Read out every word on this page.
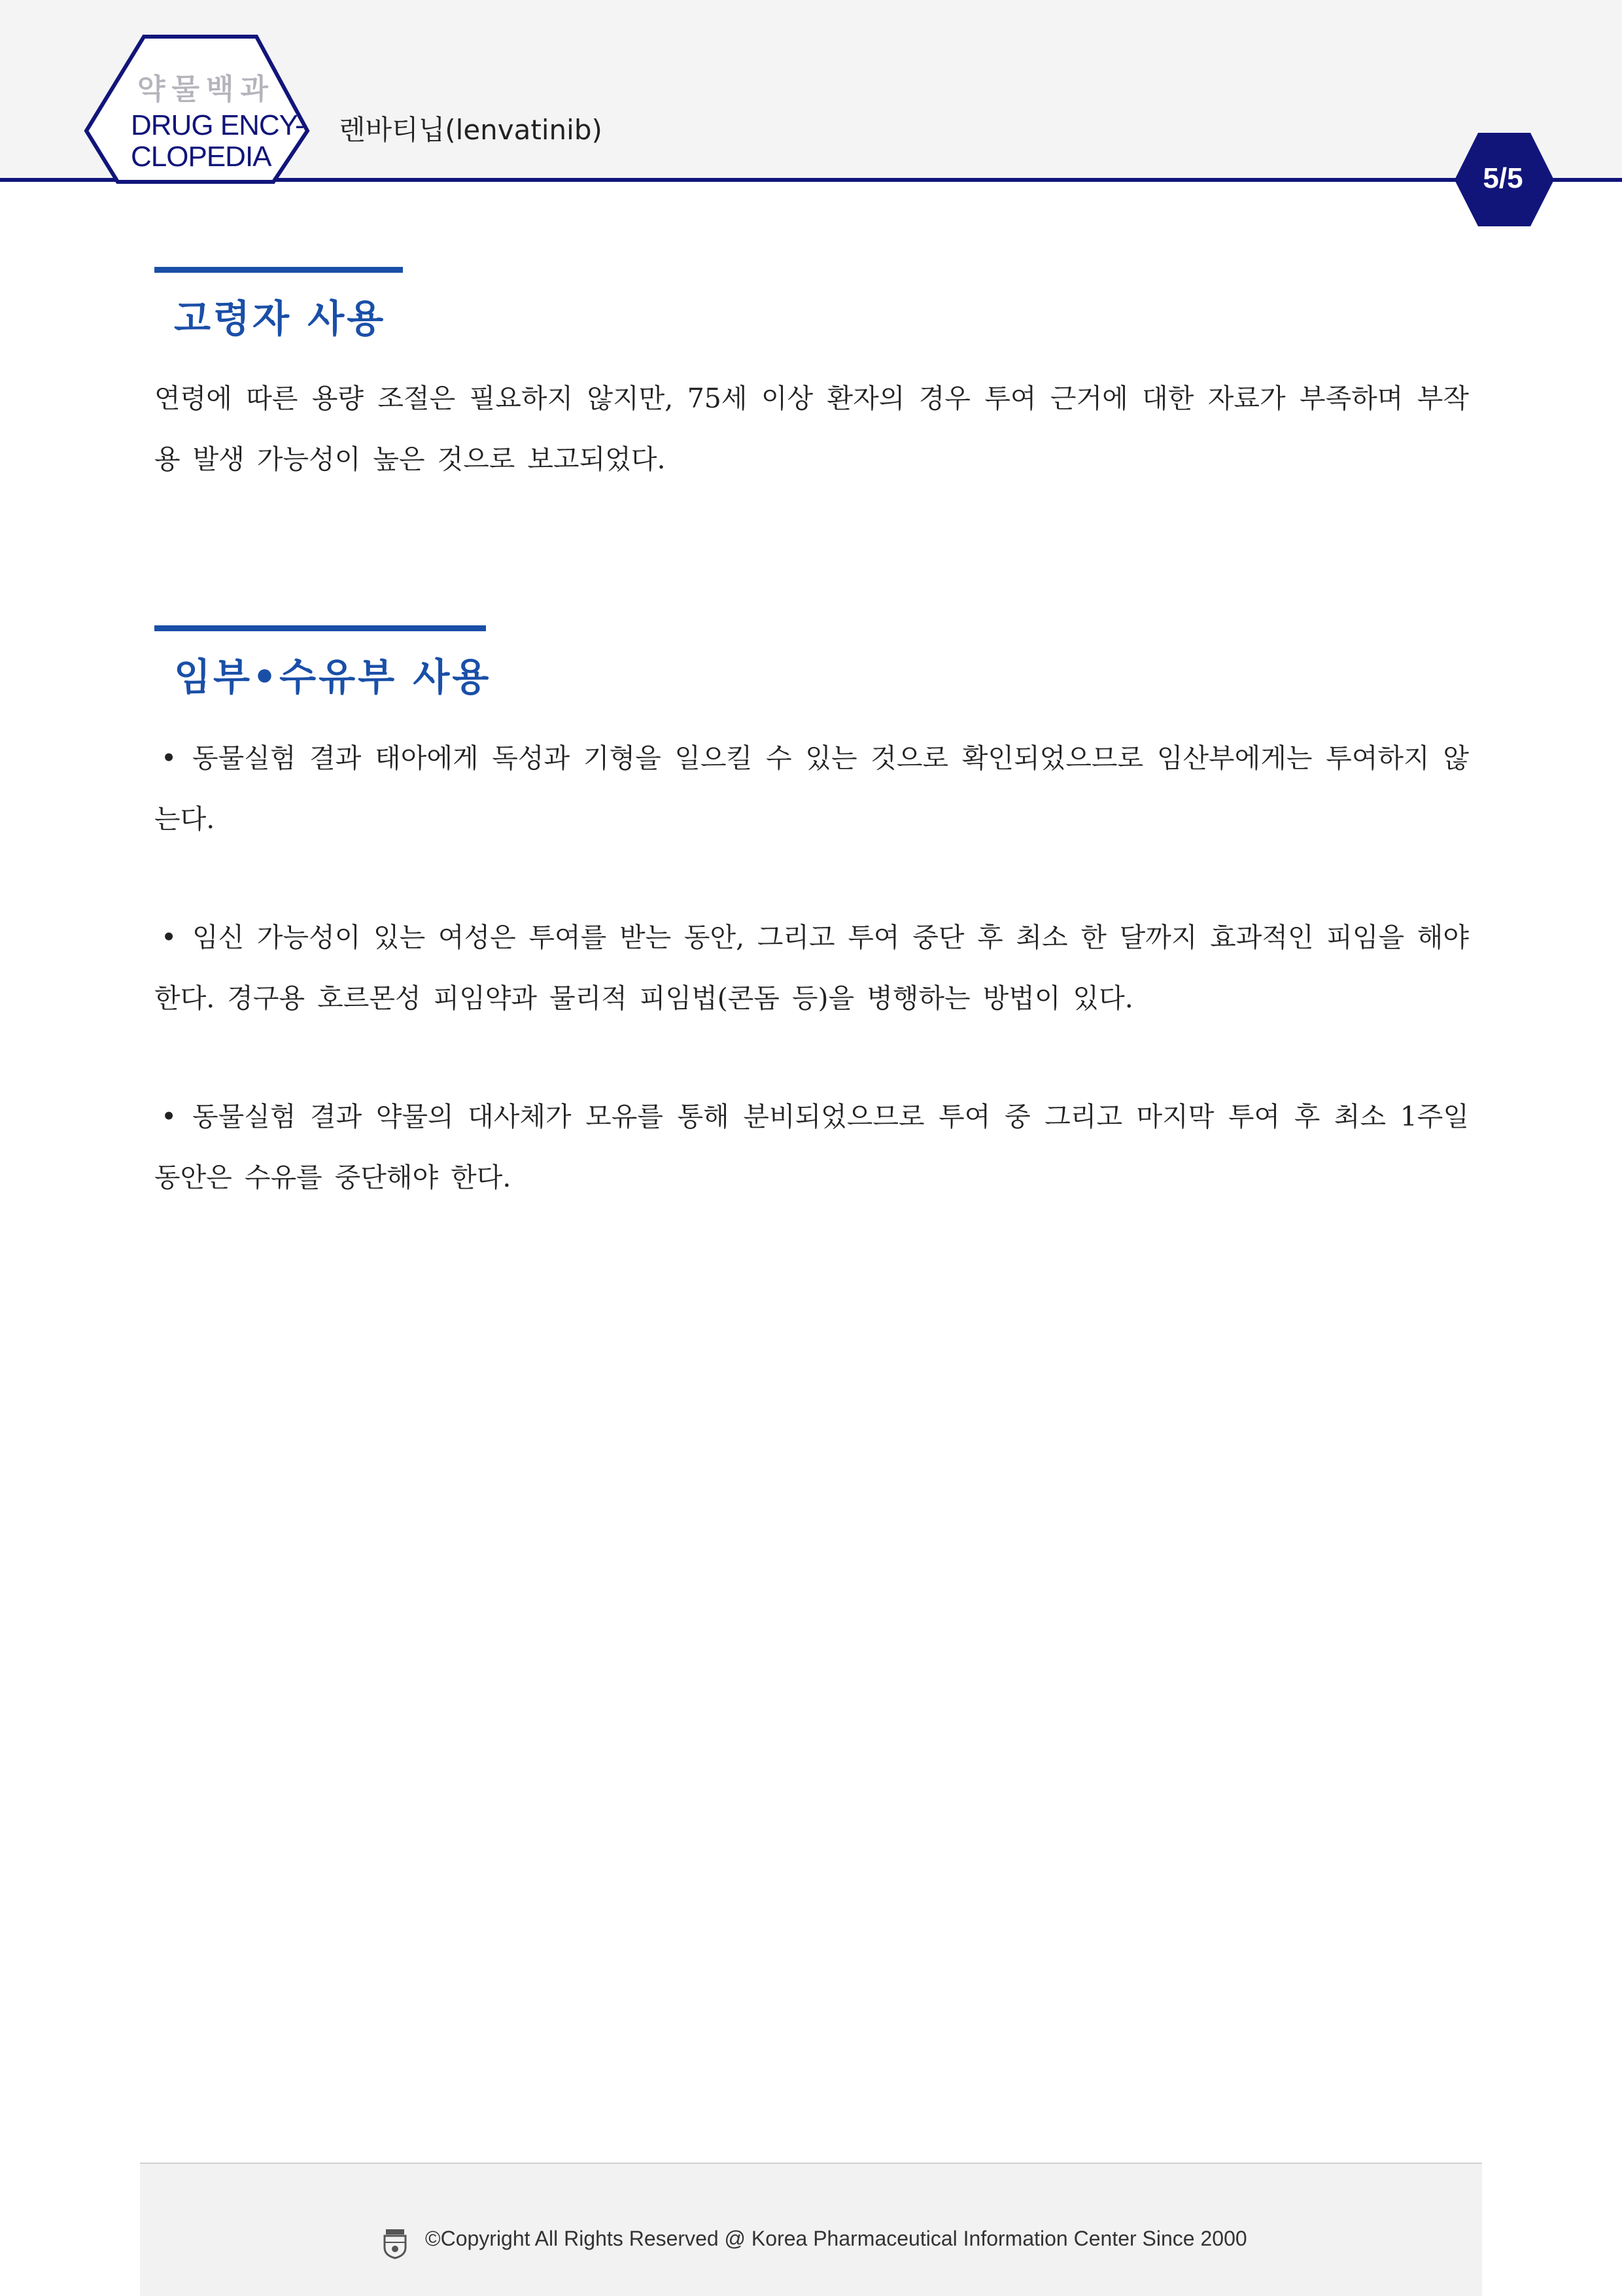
약물백과
DRUG ENCY-
CLOPEDIA
렌바티닙(lenvatinib)
5/5
고령자 사용
연령에 따른 용량 조절은 필요하지 않지만, 75세 이상 환자의 경우 투여 근거에 대한 자료가 부족하며 부작용 발생 가능성이 높은 것으로 보고되었다.
임부•수유부 사용
• 동물실험 결과 태아에게 독성과 기형을 일으킬 수 있는 것으로 확인되었으므로 임산부에게는 투여하지 않는다.
• 임신 가능성이 있는 여성은 투여를 받는 동안, 그리고 투여 중단 후 최소 한 달까지 효과적인 피임을 해야 한다. 경구용 호르몬성 피임약과 물리적 피임법(콘돔 등)을 병행하는 방법이 있다.
• 동물실험 결과 약물의 대사체가 모유를 통해 분비되었으므로 투여 중 그리고 마지막 투여 후 최소 1주일 동안은 수유를 중단해야 한다.
©Copyright All Rights Reserved @ Korea Pharmaceutical Information Center Since 2000
